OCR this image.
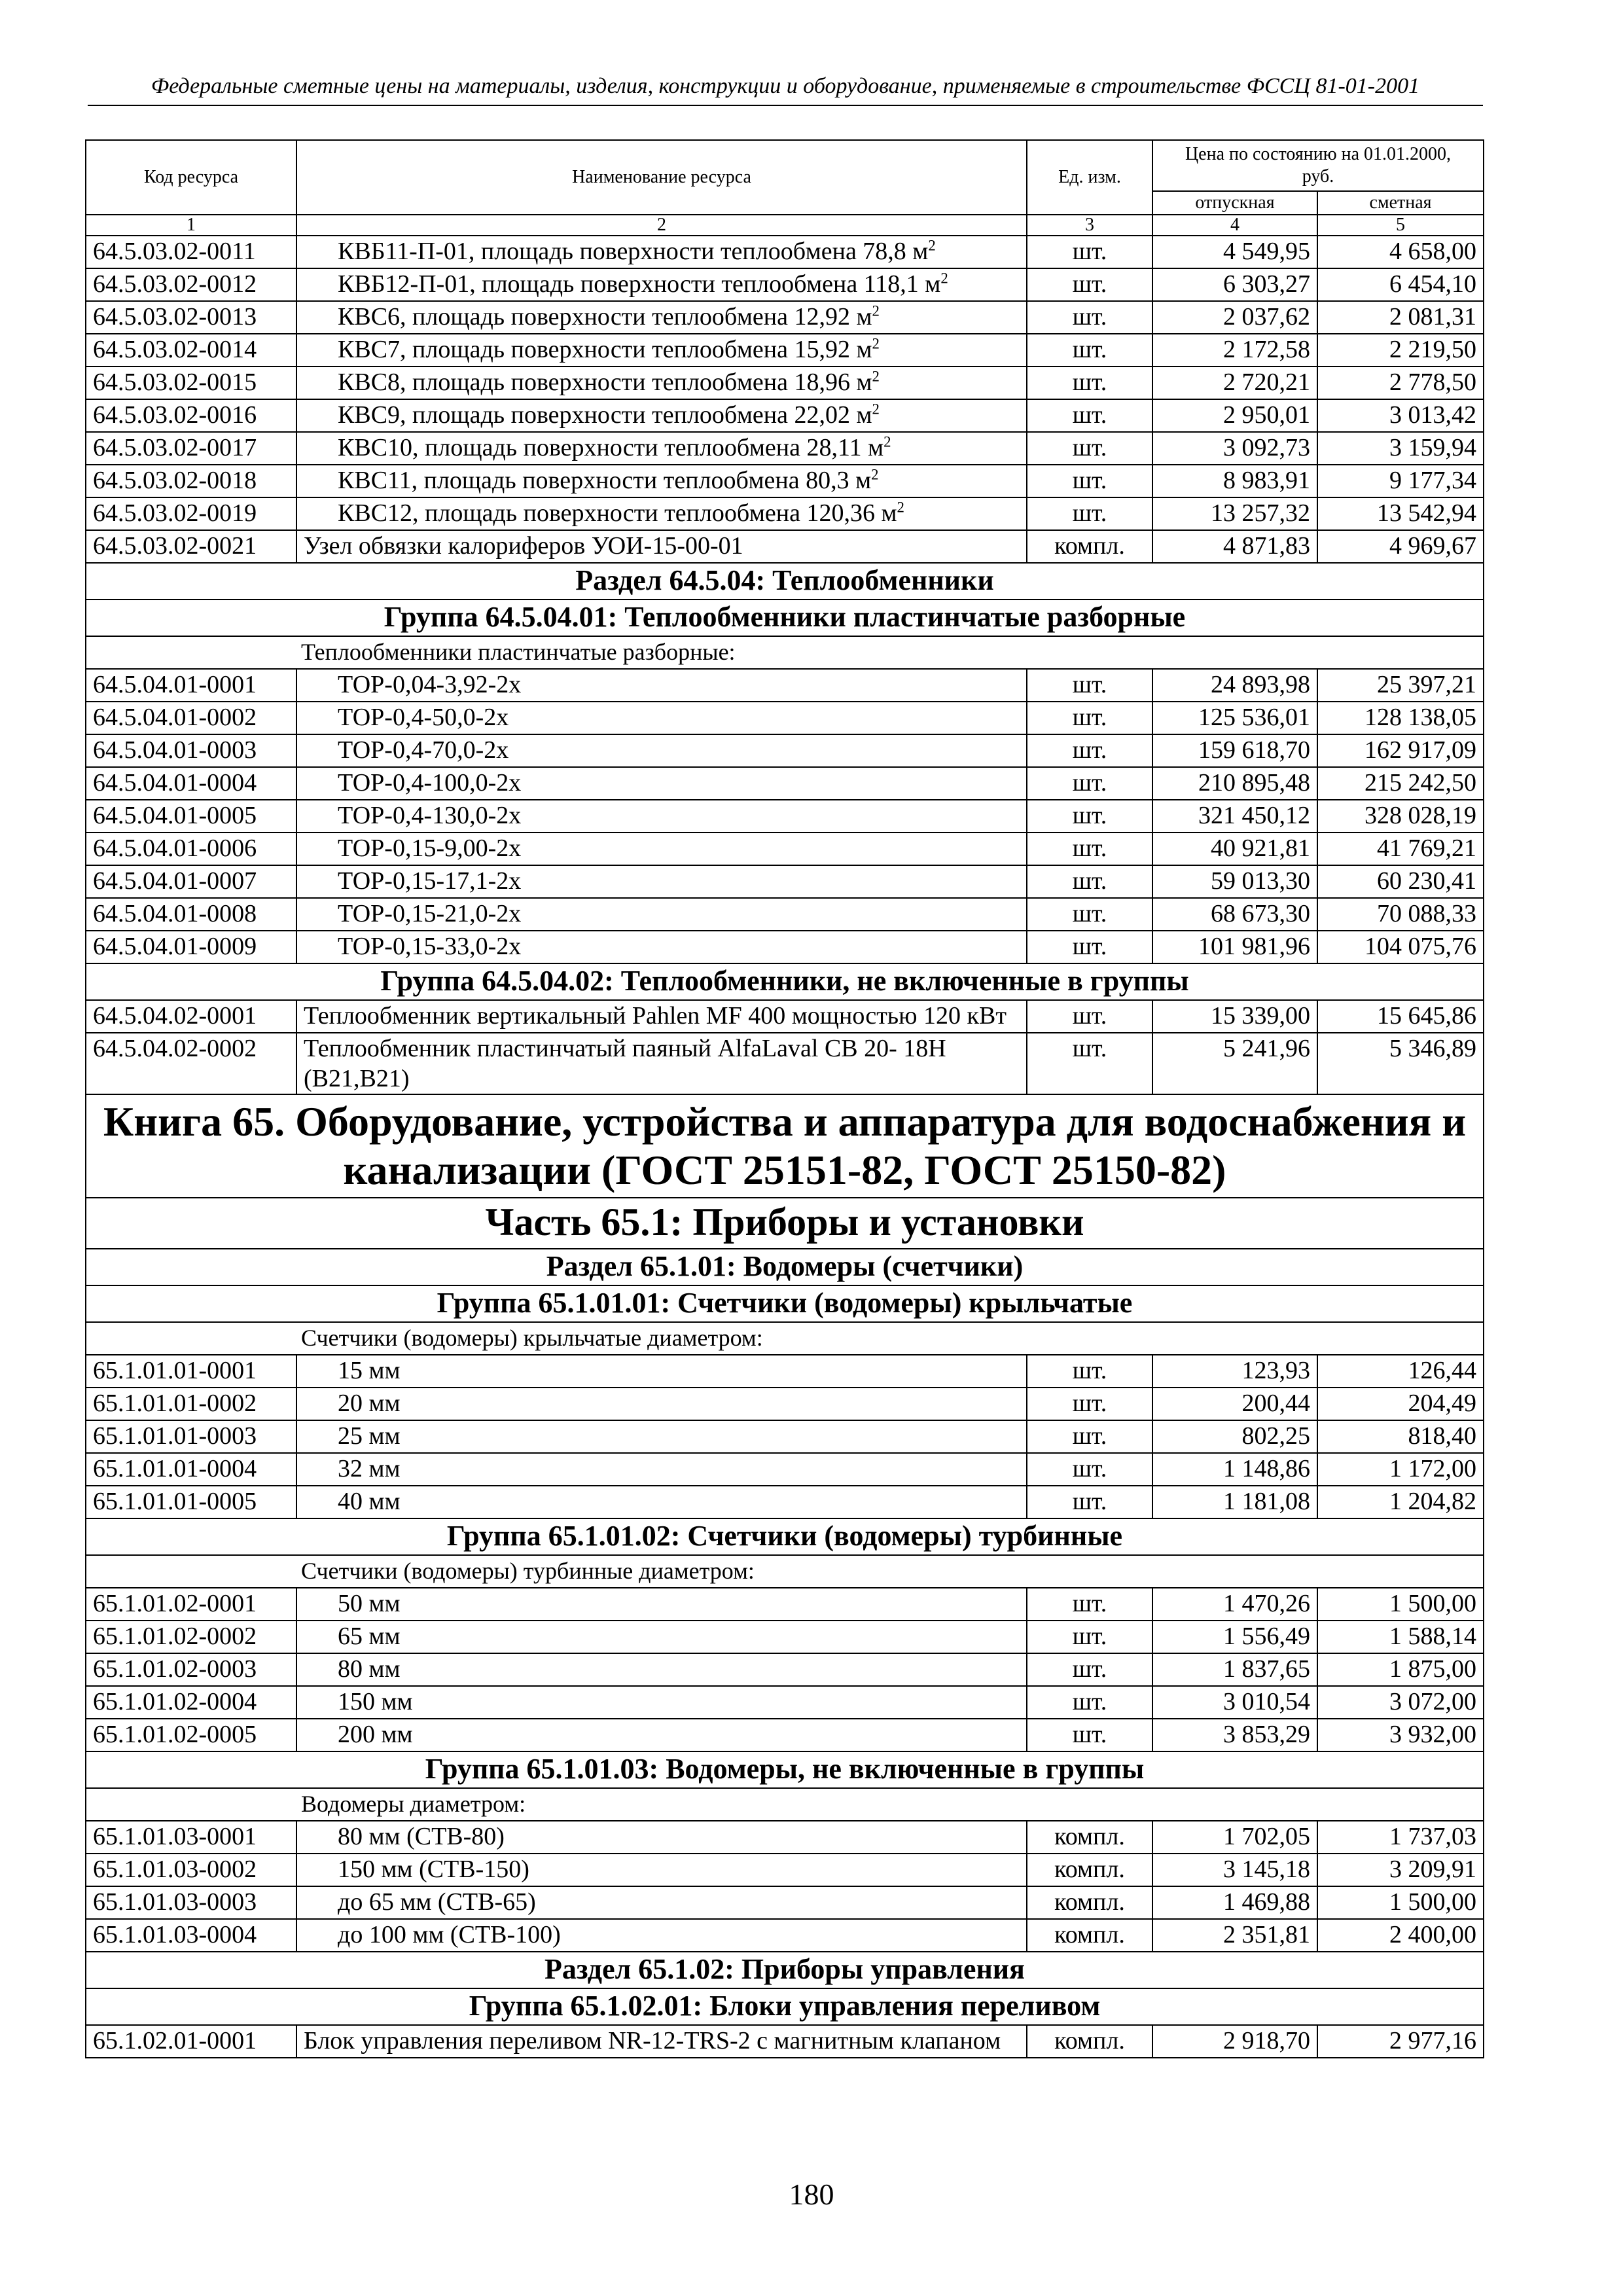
Федеральные сметные цены на материалы, изделия, конструкции и оборудование, применяемые в строительстве ФССЦ 81-01-2001
Код ресурса	Наименование ресурса	Ед. изм.	Цена по состоянию на 01.01.2000, руб.	
			отпускная	сметная
1	2	3	4	5
64.5.03.02-0011	КВБ11-П-01, площадь поверхности теплообмена 78,8 $м^2$	шт.	4 549,95	4 658,00
64.5.03.02-0012	КВБ12-П-01, площадь поверхности теплообмена 118,1 $м^2$	шт.	6 303,27	6 454,10
64.5.03.02-0013	КВС6, площадь поверхности теплообмена 12,92 $м^2$	шт.	2 037,62	2 081,31
64.5.03.02-0014	КВС7, площадь поверхности теплообмена 15,92 $м^2$	шт.	2 172,58	2 219,50
64.5.03.02-0015	КВС8, площадь поверхности теплообмена 18,96 $м^2$	шт.	2 720,21	2 778,50
64.5.03.02-0016	КВС9, площадь поверхности теплообмена 22,02 $м^2$	шт.	2 950,01	3 013,42
64.5.03.02-0017	КВС10, площадь поверхности теплообмена 28,11 $м^2$	шт.	3 092,73	3 159,94
64.5.03.02-0018	КВС11, площадь поверхности теплообмена 80,3 $м^2$	шт.	8 983,91	9 177,34
64.5.03.02-0019	КВС12, площадь поверхности теплообмена 120,36 $м^2$	шт.	13 257,32	13 542,94
64.5.03.02-0021	Узел обвязки калориферов УОИ-15-00-01	компл.	4 871,83	4 969,67
Раздел 64.5.04: Теплообменники				
Группа 64.5.04.01: Теплообменники пластинчатые разборные				
Теплообменники пластинчатые разборные:				
64.5.04.01-0001	ТОР-0,04-3,92-2х	шт.	24 893,98	25 397,21
64.5.04.01-0002	ТОР-0,4-50,0-2х	шт.	125 536,01	128 138,05
64.5.04.01-0003	ТОР-0,4-70,0-2х	шт.	159 618,70	162 917,09
64.5.04.01-0004	ТОР-0,4-100,0-2х	шт.	210 895,48	215 242,50
64.5.04.01-0005	ТОР-0,4-130,0-2х	шт.	321 450,12	328 028,19
64.5.04.01-0006	ТОР-0,15-9,00-2х	шт.	40 921,81	41 769,21
64.5.04.01-0007	ТОР-0,15-17,1-2х	шт.	59 013,30	60 230,41
64.5.04.01-0008	ТОР-0,15-21,0-2х	шт.	68 673,30	70 088,33
64.5.04.01-0009	ТОР-0,15-33,0-2х	шт.	101 981,96	104 075,76
Группа 64.5.04.02: Теплообменники, не включенные в группы				
64.5.04.02-0001	Теплообменник вертикальный Pahlen MF 400 мощностью 120 кВт	шт.	15 339,00	15 645,86
64.5.04.02-0002	Теплообменник пластинчатый паяный AlfaLaval CB 20- 18H (B21,B21)	шт.	5 241,96	5 346,89
Книга 65. Оборудование, устройства и аппаратура для водоснабжения и канализации (ГОСТ 25151-82, ГОСТ 25150-82)				
Часть 65.1: Приборы и установки				
Раздел 65.1.01: Водомеры (счетчики)				
Группа 65.1.01.01: Счетчики (водомеры) крыльчатые				
Счетчики (водомеры) крыльчатые диаметром:				
65.1.01.01-0001	15 мм	шт.	123,93	126,44
65.1.01.01-0002	20 мм	шт.	200,44	204,49
65.1.01.01-0003	25 мм	шт.	802,25	818,40
65.1.01.01-0004	32 мм	шт.	1 148,86	1 172,00
65.1.01.01-0005	40 мм	шт.	1 181,08	1 204,82
Группа 65.1.01.02: Счетчики (водомеры) турбинные				
Счетчики (водомеры) турбинные диаметром:				
65.1.01.02-0001	50 мм	шт.	1 470,26	1 500,00
65.1.01.02-0002	65 мм	шт.	1 556,49	1 588,14
65.1.01.02-0003	80 мм	шт.	1 837,65	1 875,00
65.1.01.02-0004	150 мм	шт.	3 010,54	3 072,00
65.1.01.02-0005	200 мм	шт.	3 853,29	3 932,00
Группа 65.1.01.03: Водомеры, не включенные в группы				
Водомеры диаметром:				
65.1.01.03-0001	80 мм (СТВ-80)	компл.	1 702,05	1 737,03
65.1.01.03-0002	150 мм (СТВ-150)	компл.	3 145,18	3 209,91
65.1.01.03-0003	до 65 мм (СТВ-65)	компл.	1 469,88	1 500,00
65.1.01.03-0004	до 100 мм (СТВ-100)	компл.	2 351,81	2 400,00
Раздел 65.1.02: Приборы управления				
Группа 65.1.02.01: Блоки управления переливом				
65.1.02.01-0001	Блок управления переливом NR-12-TRS-2 с магнитным клапаном	компл.	2 918,70	2 977,16
180
